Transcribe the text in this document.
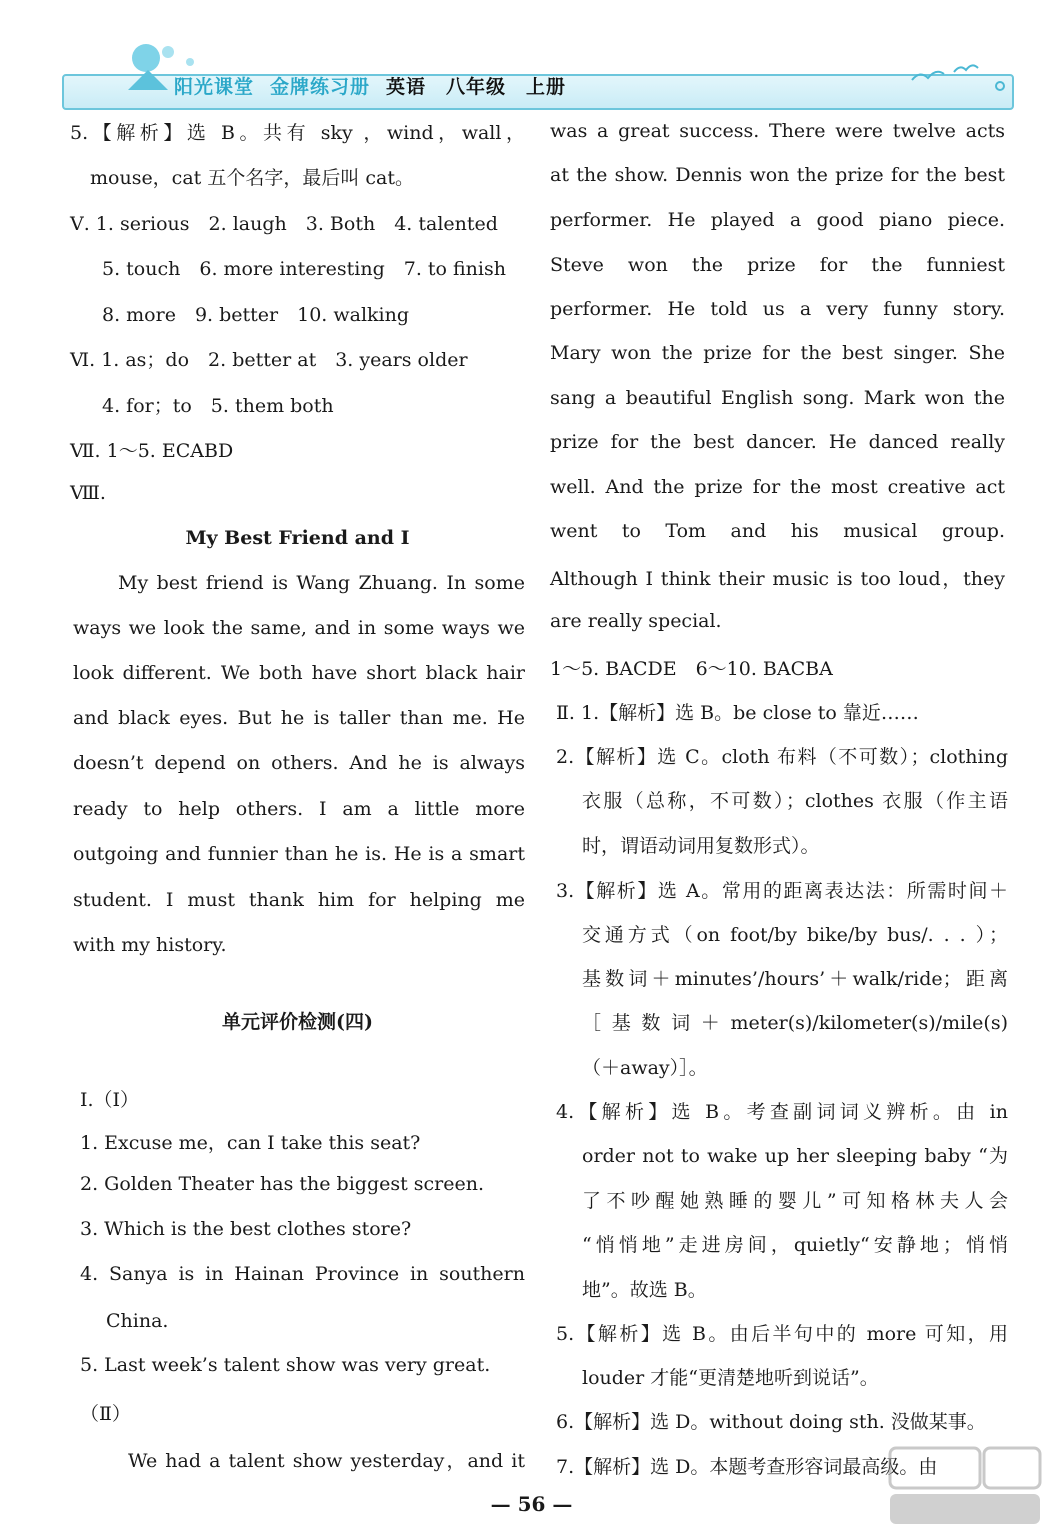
阳光课堂 金牌练习册 英语　八年级　上册
5.【解析】选 B。共有 sky ，wind，wall，
mouse，cat 五个名字，最后叫 cat。
Ⅴ. 1. serious　2. laugh　3. Both　4. talented
5. touch　6. more interesting　7. to finish
8. more　9. better　10. walking
Ⅵ. 1. as；do　2. better at　3. years older
4. for；to　5. them both
Ⅶ. 1～5. ECABD
Ⅷ.
My Best Friend and I
My best friend is Wang Zhuang. In some
ways we look the same, and in some ways we
look different. We both have short black hair
and black eyes. But he is taller than me. He
doesn’t depend on others. And he is always
ready to help others. I am a little more
outgoing and funnier than he is. He is a smart
student. I must thank him for helping me
with my history.
单元评价检测(四)
Ⅰ.（Ⅰ）
1. Excuse me，can I take this seat?
2. Golden Theater has the biggest screen.
3. Which is the best clothes store?
4. Sanya is in Hainan Province in southern
China.
5. Last week’s talent show was very great.
（Ⅱ）
We had a talent show yesterday，and it
was a great success. There were twelve acts
at the show. Dennis won the prize for the best
performer. He played a good piano piece.
Steve won the prize for the funniest
performer. He told us a very funny story.
Mary won the prize for the best singer. She
sang a beautiful English song. Mark won the
prize for the best dancer. He danced really
well. And the prize for the most creative act
went to Tom and his musical group.
Although I think their music is too loud，they
are really special.
1～5. BACDE　6～10. BACBA
Ⅱ. 1.【解析】选 B。be close to 靠近……
2.【解析】选 C。cloth 布料（不可数）；clothing
衣服（总称，不可数）；clothes 衣服（作主语
时，谓语动词用复数形式）。
3.【解析】选 A。常用的距离表达法：所需时间＋
交通方式（on foot/by bike/by bus/. . . ）；
基数词＋minutes’/hours’＋walk/ride；距离
［基数词＋meter(s)/kilometer(s)/mile(s)
（＋away）］。
4.【解析】选 B。考查副词词义辨析。由 in
order not to wake up her sleeping baby “为
了不吵醒她熟睡的婴儿”可知格林夫人会
“悄悄地”走进房间，quietly“安静地；悄悄
地”。故选 B。
5.【解析】选 B。由后半句中的 more 可知，用
louder 才能“更清楚地听到说话”。
6.【解析】选 D。without doing sth. 没做某事。
7.【解析】选 D。本题考查形容词最高级。由
— 56 —
